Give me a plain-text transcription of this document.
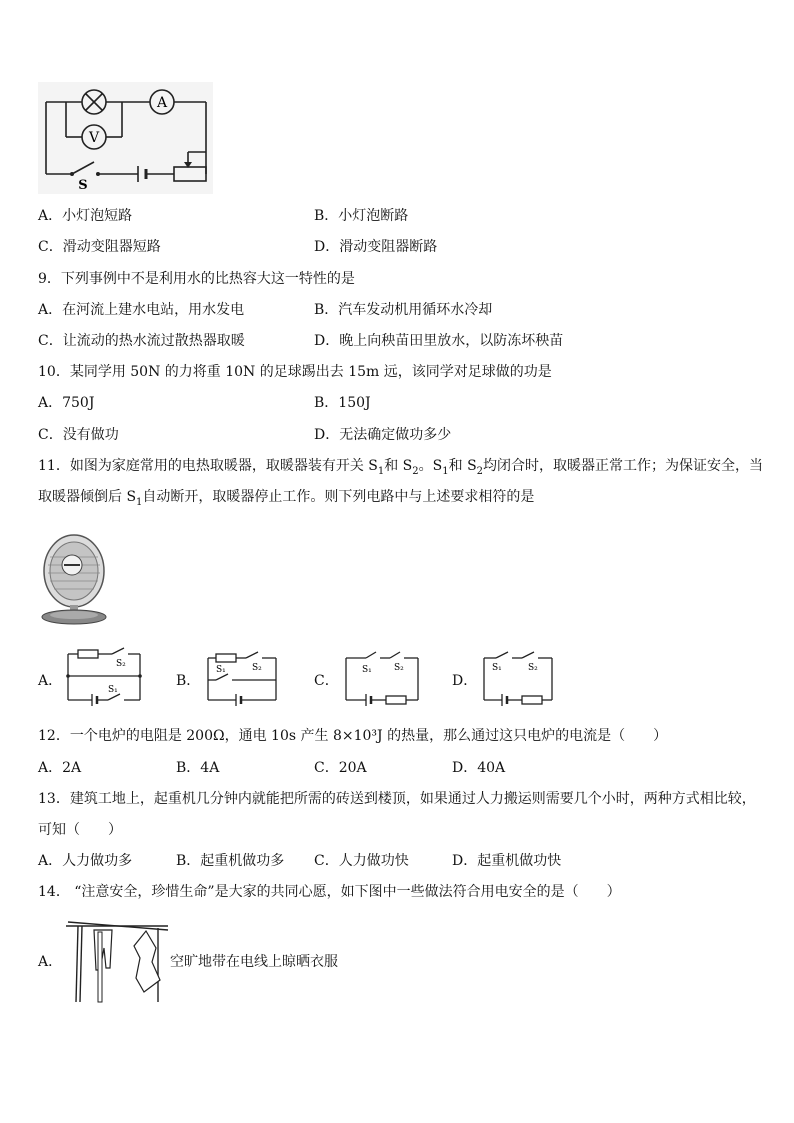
A
V
S
A．小灯泡短路	B．小灯泡断路
C．滑动变阻器短路	D．滑动变阻器断路
9．下列事例中不是利用水的比热容大这一特性的是
A．在河流上建水电站，用水发电	B．汽车发动机用循环水冷却
C．让流动的热水流过散热器取暖	D．晚上向秧苗田里放水，以防冻坏秧苗
10．某同学用 50N 的力将重 10N 的足球踢出去 15m 远，该同学对足球做的功是
A．750J	B．150J
C．没有做功	D．无法确定做功多少
11．如图为家庭常用的电热取暖器，取暖器装有开关 $S_1$和 $S_2$。$S_1$和 $S_2$均闭合时，取暖器正常工作；为保证安全，当
取暖器倾倒后 $S_1$自动断开，取暖器停止工作。则下列电路中与上述要求相符的是
A．
S₂
S₁
B．
S₂
S₁
C．
S₁ S₂
D．
S₁	S₂
12．一个电炉的电阻是 200Ω，通电 10s 产生 8×10³J 的热量，那么通过这只电炉的电流是（　　）
A．2A	B．4A	C．20A	D．40A
13．建筑工地上，起重机几分钟内就能把所需的砖送到楼顶，如果通过人力搬运则需要几个小时，两种方式相比较，
可知（　　）
A．人力做功多	B．起重机做功多 C．人力做功快	D．起重机做功快
14． “注意安全，珍惜生命”是大家的共同心愿，如下图中一些做法符合用电安全的是（　　）
A．	空旷地带在电线上晾晒衣服
